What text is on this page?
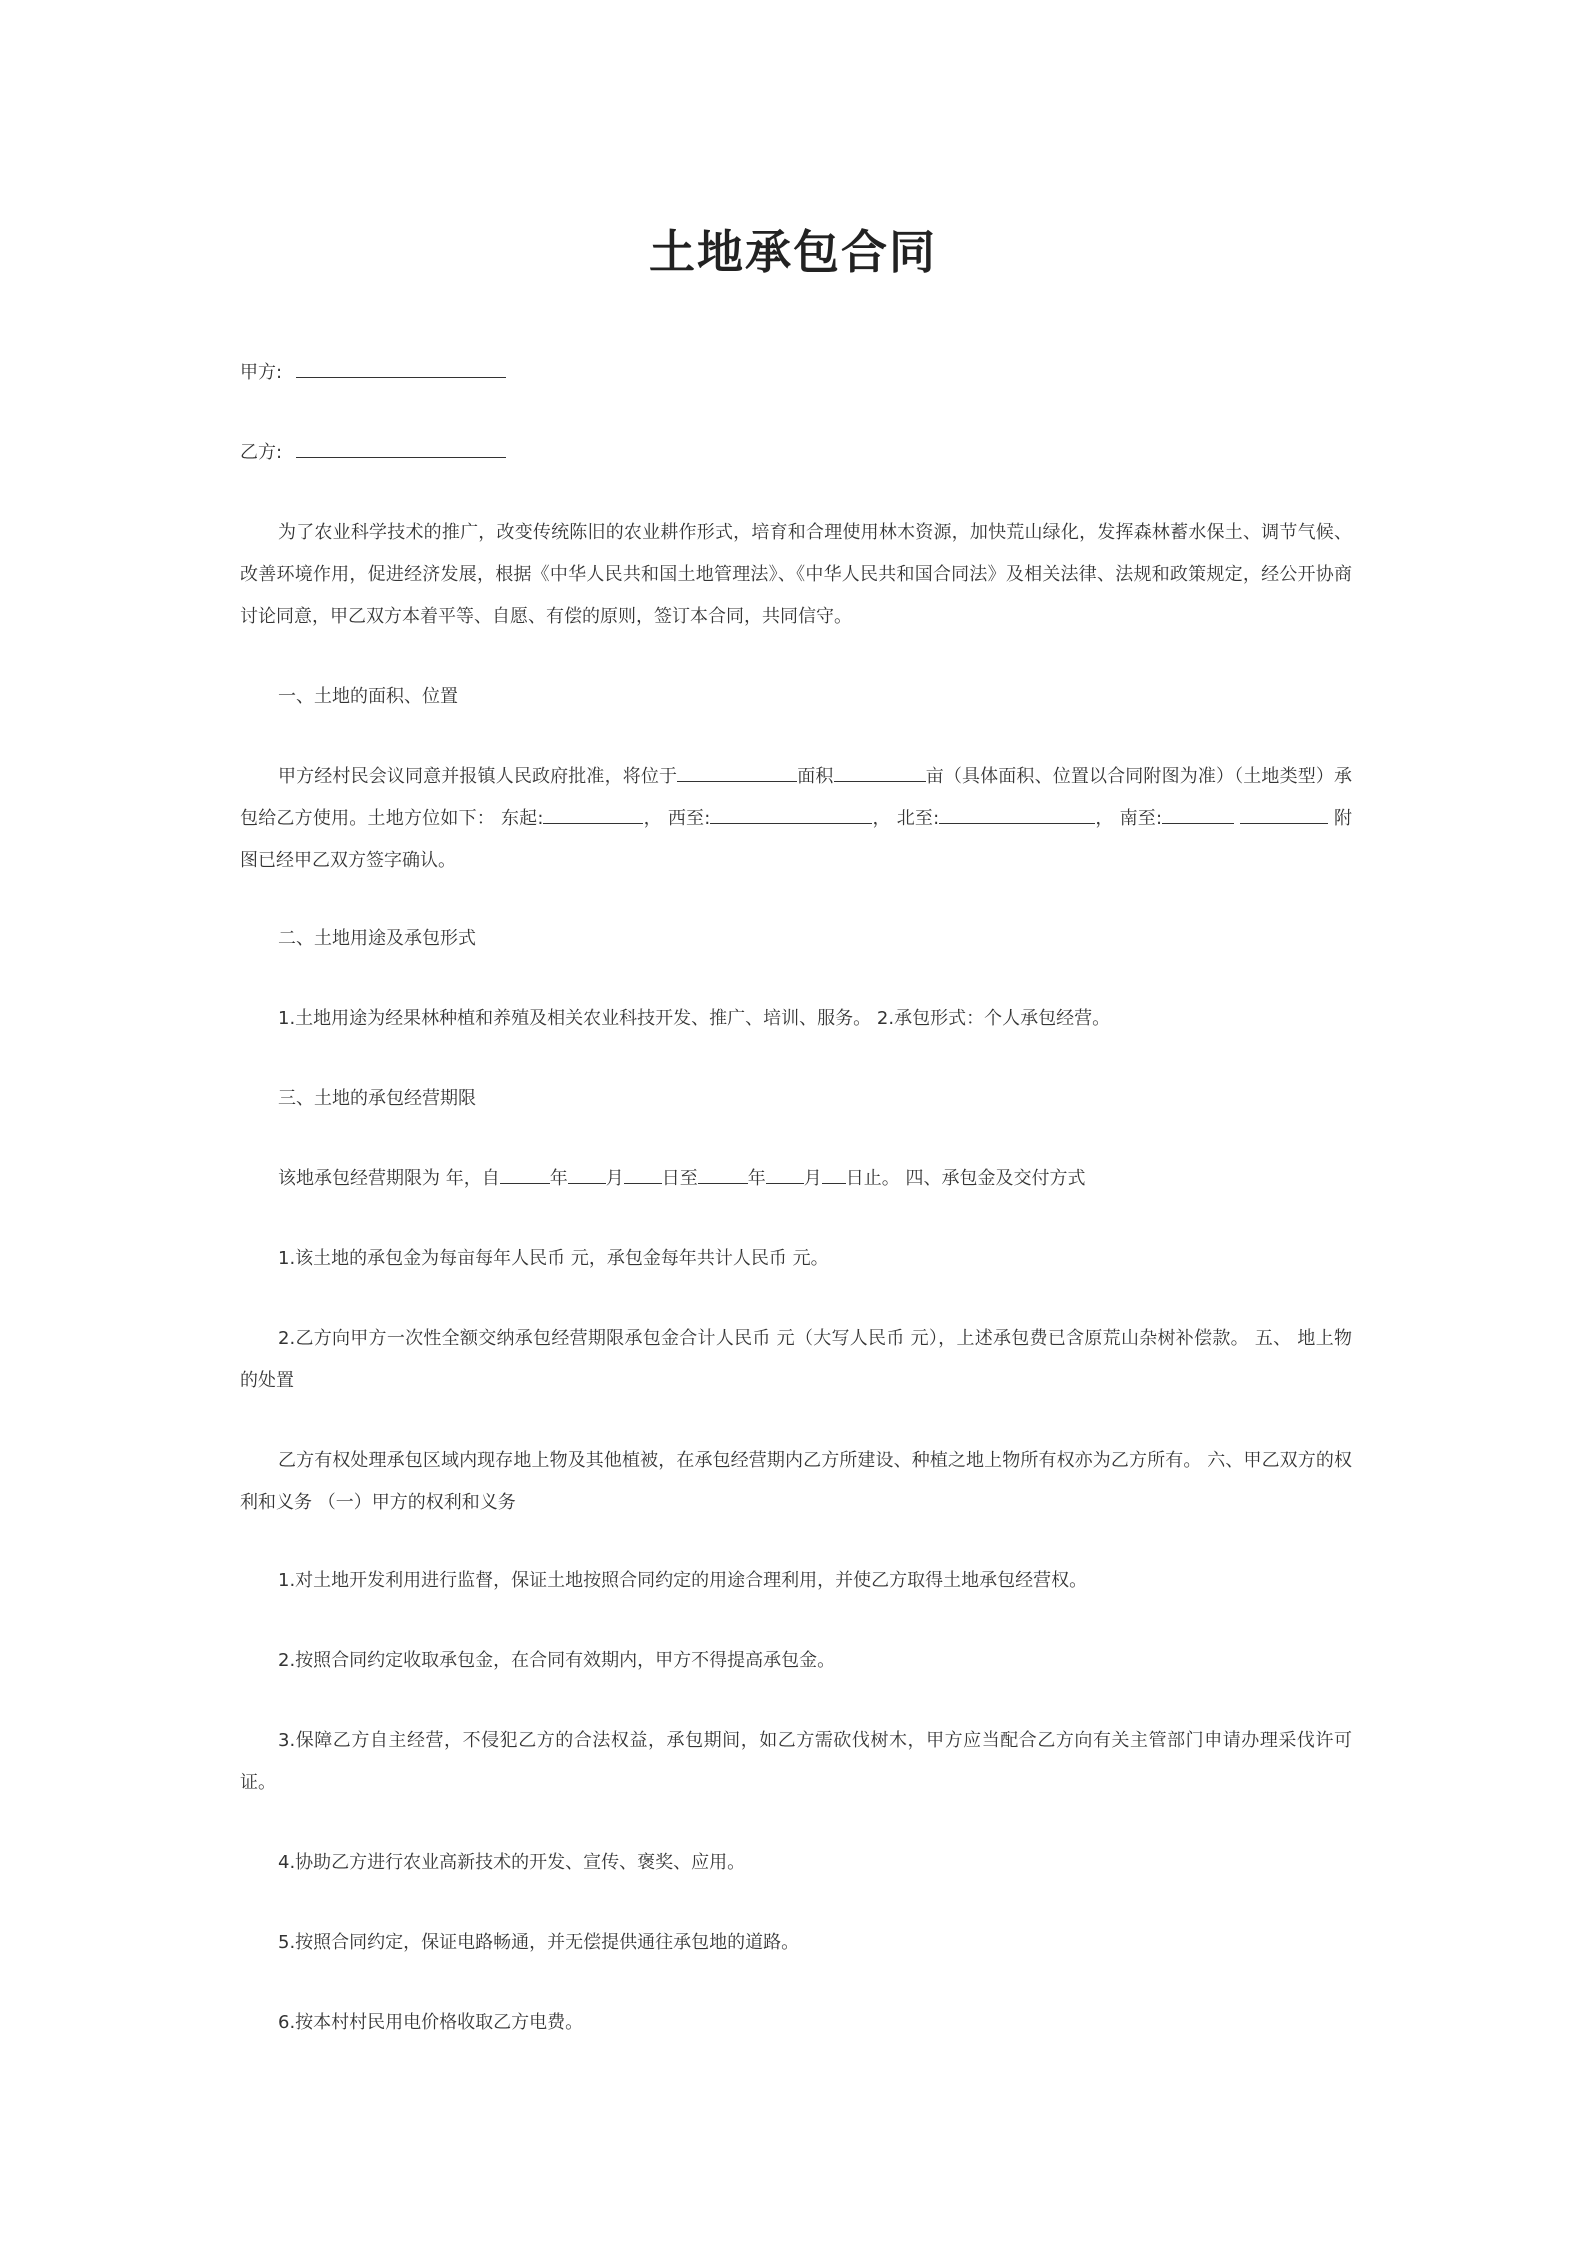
土地承包合同
甲方:
乙方:
为了农业科学技术的推广，改变传统陈旧的农业耕作形式，培育和合理使用林木资源，加快荒山绿化，发挥森林蓄水保土、调节气候、改善环境作用，促进经济发展，根据《中华人民共和国土地管理法》、《中华人民共和国合同法》及相关法律、法规和政策规定，经公开协商讨论同意，甲乙双方本着平等、自愿、有偿的原则，签订本合同，共同信守。
一、土地的面积、位置
甲方经村民会议同意并报镇人民政府批准，将位于	面积	亩（具体面积、位置以合同附图为准）（土地类型）承包给乙方使用。土地方位如下： 东起:	， 西至:	， 北至:	， 南至:	附图已经甲乙双方签字确认。
二、土地用途及承包形式
1.土地用途为经果林种植和养殖及相关农业科技开发、推广、培训、服务。 2.承包形式：个人承包经营。
三、土地的承包经营期限
该地承包经营期限为 年，自	年 月 日至	年 月 日止。 四、承包金及交付方式
1.该土地的承包金为每亩每年人民币 元，承包金每年共计人民币 元。
2.乙方向甲方一次性全额交纳承包经营期限承包金合计人民币 元（大写人民币 元），上述承包费已含原荒山杂树补偿款。 五、 地上物的处置
乙方有权处理承包区域内现存地上物及其他植被，在承包经营期内乙方所建设、种植之地上物所有权亦为乙方所有。 六、甲乙双方的权利和义务 （一）甲方的权利和义务
1.对土地开发利用进行监督，保证土地按照合同约定的用途合理利用，并使乙方取得土地承包经营权。
2.按照合同约定收取承包金，在合同有效期内，甲方不得提高承包金。
3.保障乙方自主经营，不侵犯乙方的合法权益，承包期间，如乙方需砍伐树木，甲方应当配合乙方向有关主管部门申请办理采伐许可证。
4.协助乙方进行农业高新技术的开发、宣传、褒奖、应用。
5.按照合同约定，保证电路畅通，并无偿提供通往承包地的道路。
6.按本村村民用电价格收取乙方电费。
